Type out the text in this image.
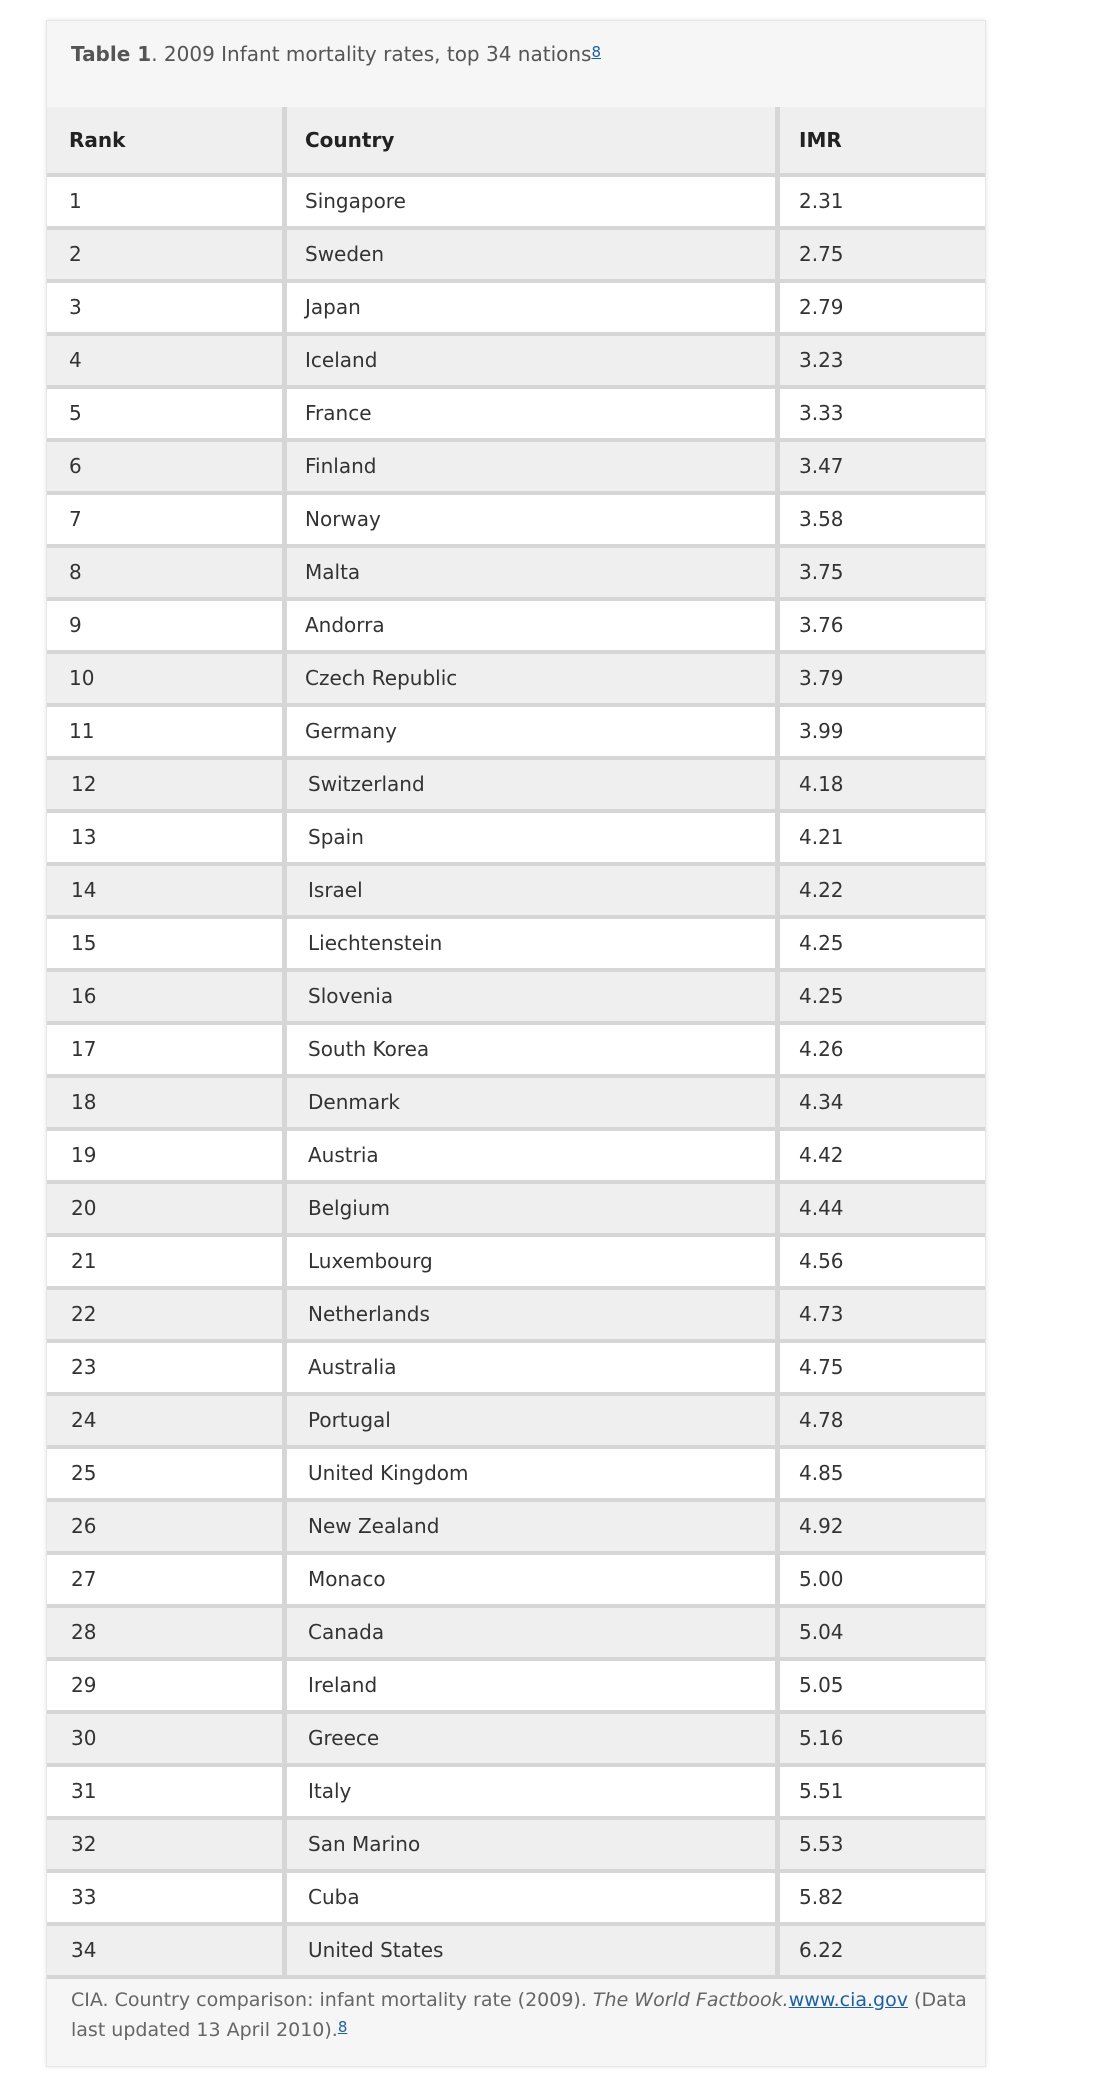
Table 1. 2009 Infant mortality rates, top 34 nations$^8$
Rank	Country	IMR
1	Singapore	2.31
2	Sweden	2.75
3	Japan	2.79
4	Iceland	3.23
5	France	3.33
6	Finland	3.47
7	Norway	3.58
8	Malta	3.75
9	Andorra	3.76
10	Czech Republic	3.79
11	Germany	3.99
12	Switzerland	4.18
13	Spain	4.21
14	Israel	4.22
15	Liechtenstein	4.25
16	Slovenia	4.25
17	South Korea	4.26
18	Denmark	4.34
19	Austria	4.42
20	Belgium	4.44
21	Luxembourg	4.56
22	Netherlands	4.73
23	Australia	4.75
24	Portugal	4.78
25	United Kingdom	4.85
26	New Zealand	4.92
27	Monaco	5.00
28	Canada	5.04
29	Ireland	5.05
30	Greece	5.16
31	Italy	5.51
32	San Marino	5.53
33	Cuba	5.82
34	United States	6.22
CIA. Country comparison: infant mortality rate (2009). The World Factbook.www.cia.gov (Data last updated 13 April 2010).$^8$
